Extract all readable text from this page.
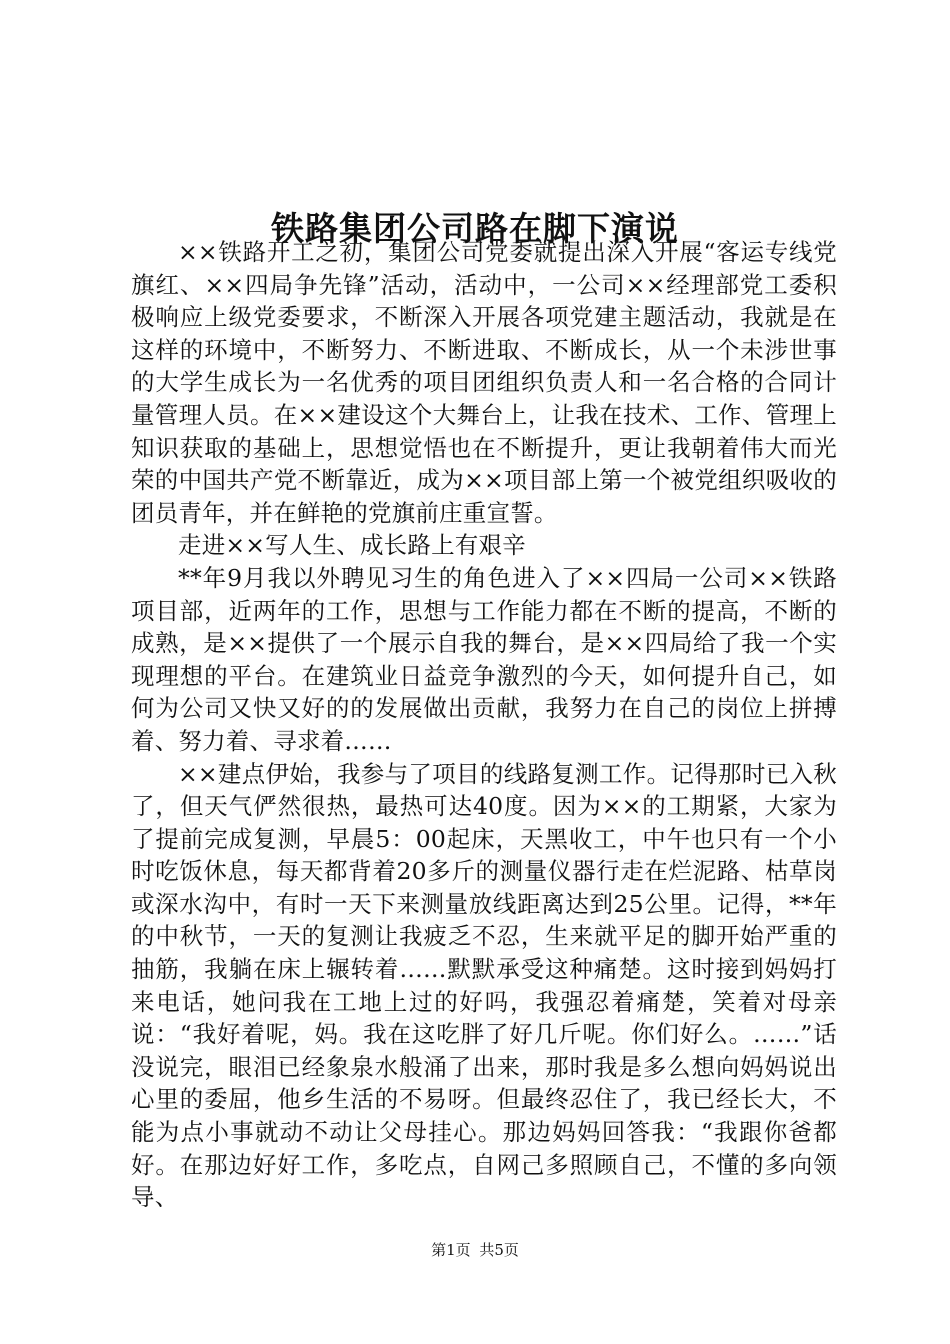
铁路集团公司路在脚下演说

××铁路开工之初，集团公司党委就提出深入开展“客运专线党旗红、××四局争先锋”活动，活动中，一公司××经理部党工委积极响应上级党委要求，不断深入开展各项党建主题活动，我就是在这样的环境中，不断努力、不断进取、不断成长，从一个未涉世事的大学生成长为一名优秀的项目团组织负责人和一名合格的合同计量管理人员。在××建设这个大舞台上，让我在技术、工作、管理上知识获取的基础上，思想觉悟也在不断提升，更让我朝着伟大而光荣的中国共产党不断靠近，成为××项目部上第一个被党组织吸收的团员青年，并在鲜艳的党旗前庄重宣誓。

走进××写人生、成长路上有艰辛

**年9月我以外聘见习生的角色进入了××四局一公司××铁路项目部，近两年的工作，思想与工作能力都在不断的提高，不断的成熟，是××提供了一个展示自我的舞台，是××四局给了我一个实现理想的平台。在建筑业日益竞争激烈的今天，如何提升自己，如何为公司又快又好的的发展做出贡献，我努力在自己的岗位上拼搏着、努力着、寻求着……

××建点伊始，我参与了项目的线路复测工作。记得那时已入秋了，但天气俨然很热，最热可达40度。因为××的工期紧，大家为了提前完成复测，早晨5：00起床，天黑收工，中午也只有一个小时吃饭休息，每天都背着20多斤的测量仪器行走在烂泥路、枯草岗或深水沟中，有时一天下来测量放线距离达到25公里。记得，**年的中秋节，一天的复测让我疲乏不忍，生来就平足的脚开始严重的抽筋，我躺在床上辗转着……默默承受这种痛楚。这时接到妈妈打来电话，她问我在工地上过的好吗，我强忍着痛楚，笑着对母亲说：“我好着呢，妈。我在这吃胖了好几斤呢。你们好么。……”话没说完，眼泪已经象泉水般涌了出来，那时我是多么想向妈妈说出心里的委屈，他乡生活的不易呀。但最终忍住了，我已经长大，不能为点小事就动不动让父母挂心。那边妈妈回答我：“我跟你爸都好。在那边好好工作，多吃点，自网己多照顾自己，不懂的多向领导、

第1页 共5页
